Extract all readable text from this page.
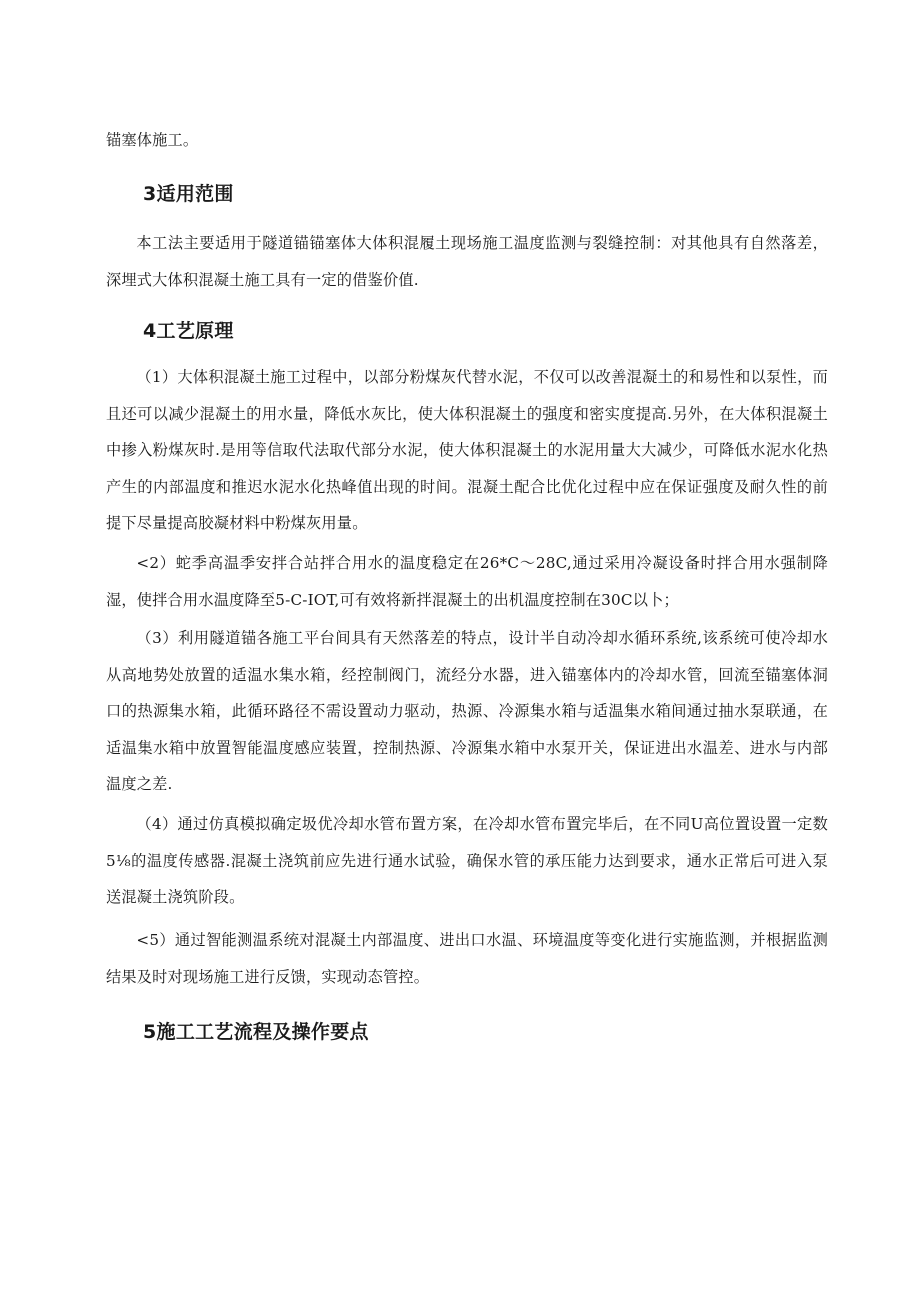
锚塞体施工。

3适用范围

本工法主要适用于隧道锚锚塞体大体积混履土现场施工温度监测与裂缝控制：对其他具有自然落差，深埋式大体积混凝土施工具有一定的借鉴价值.

4工艺原理

（1）大体积混凝土施工过程中，以部分粉煤灰代替水泥，不仅可以改善混凝土的和易性和以泵性，而且还可以减少混凝土的用水量，降低水灰比，使大体积混凝土的强度和密实度提高.另外，在大体积混凝土中掺入粉煤灰时.是用等信取代法取代部分水泥，使大体积混凝土的水泥用量大大减少，可降低水泥水化热产生的内部温度和推迟水泥水化热峰值出现的时间。混凝土配合比优化过程中应在保证强度及耐久性的前提下尽量提高胶凝材料中粉煤灰用量。

<2）蛇季高温季安拌合站拌合用水的温度稳定在26*C～28C,通过采用冷凝设备时拌合用水强制降湿，使拌合用水温度降至5-C-IOT,可有效将新拌混凝土的出机温度控制在30C以卜；

（3）利用隧道锚各施工平台间具有天然落差的特点，设计半自动冷却水循环系统,该系统可使冷却水从高地势处放置的适温水集水箱，经控制阀门，流经分水器，进入锚塞体内的冷却水管，回流至锚塞体洞口的热源集水箱，此循环路径不需设置动力驱动，热源、冷源集水箱与适温集水箱间通过抽水泵联通，在适温集水箱中放置智能温度感应装置，控制热源、冷源集水箱中水泵开关，保证进出水温差、进水与内部温度之差.

（4）通过仿真模拟确定圾优冷却水管布置方案，在冷却水管布置完毕后，在不同U高位置设置一定数5⅛的温度传感器.混凝土浇筑前应先进行通水试验，确保水管的承压能力达到要求，通水正常后可进入泵送混凝土浇筑阶段。

<5）通过智能测温系统对混凝土内部温度、进出口水温、环境温度等变化进行实施监测，并根据监测结果及时对现场施工进行反馈，实现动态管控。

5施工工艺流程及操作要点
